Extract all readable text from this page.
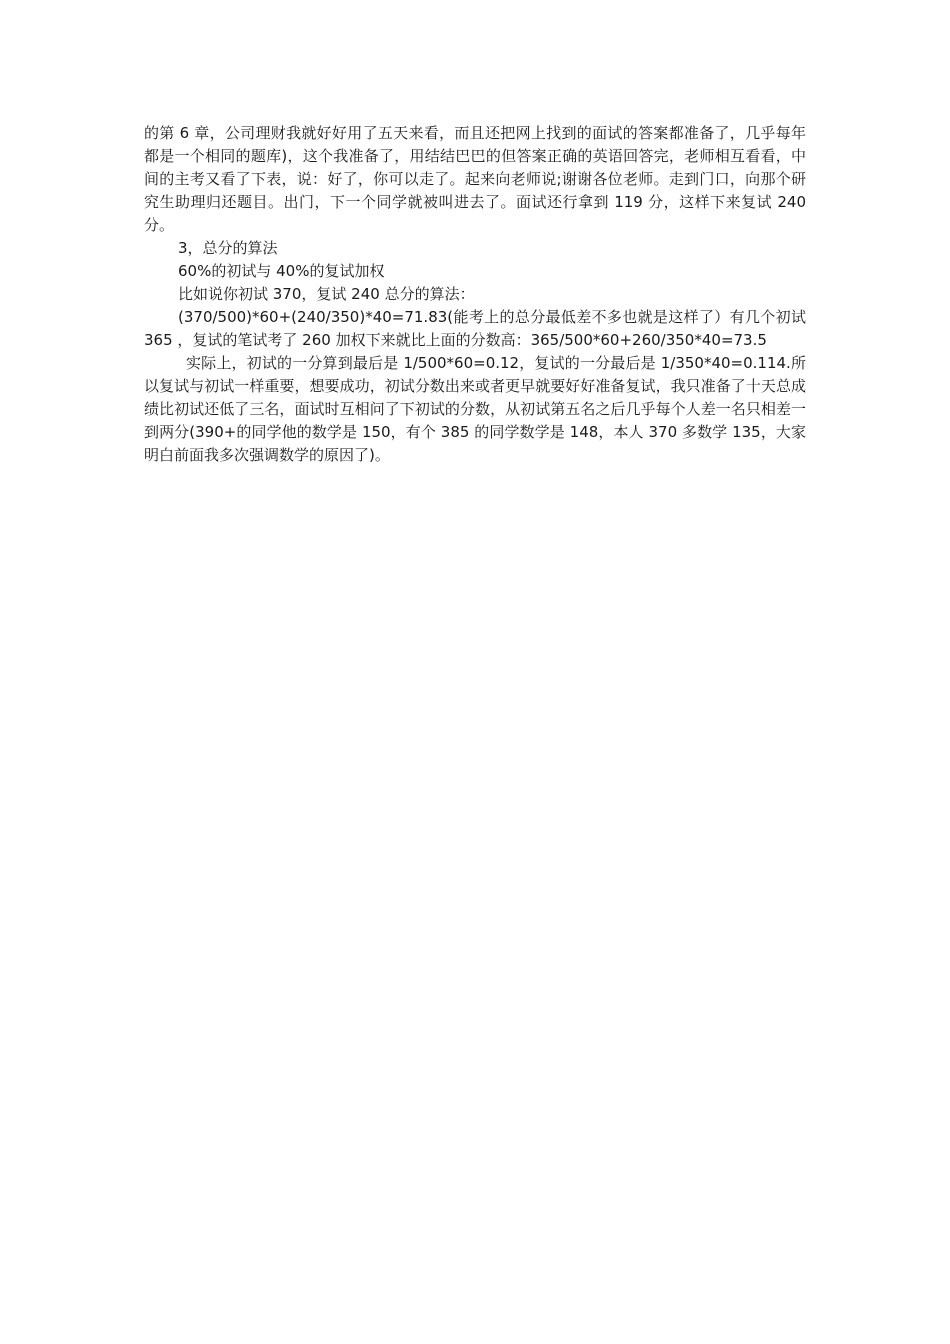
的第 6 章，公司理财我就好好用了五天来看，而且还把网上找到的面试的答案都准备了，几乎每年都是一个相同的题库)，这个我准备了，用结结巴巴的但答案正确的英语回答完，老师相互看看，中间的主考又看了下表，说：好了，你可以走了。起来向老师说;谢谢各位老师。走到门口，向那个研究生助理归还题目。出门，下一个同学就被叫进去了。面试还行拿到 119 分，这样下来复试 240 分。

3，总分的算法

60%的初试与 40%的复试加权

比如说你初试 370，复试 240 总分的算法：

(370/500)*60+(240/350)*40=71.83(能考上的总分最低差不多也就是这样了）有几个初试 365 ，复试的笔试考了 260 加权下来就比上面的分数高：365/500*60+260/350*40=73.5

实际上，初试的一分算到最后是 1/500*60=0.12，复试的一分最后是 1/350*40=0.114.所以复试与初试一样重要，想要成功，初试分数出来或者更早就要好好准备复试，我只准备了十天总成绩比初试还低了三名，面试时互相问了下初试的分数，从初试第五名之后几乎每个人差一名只相差一到两分(390+的同学他的数学是 150，有个 385 的同学数学是 148，本人 370 多数学 135，大家明白前面我多次强调数学的原因了)。
